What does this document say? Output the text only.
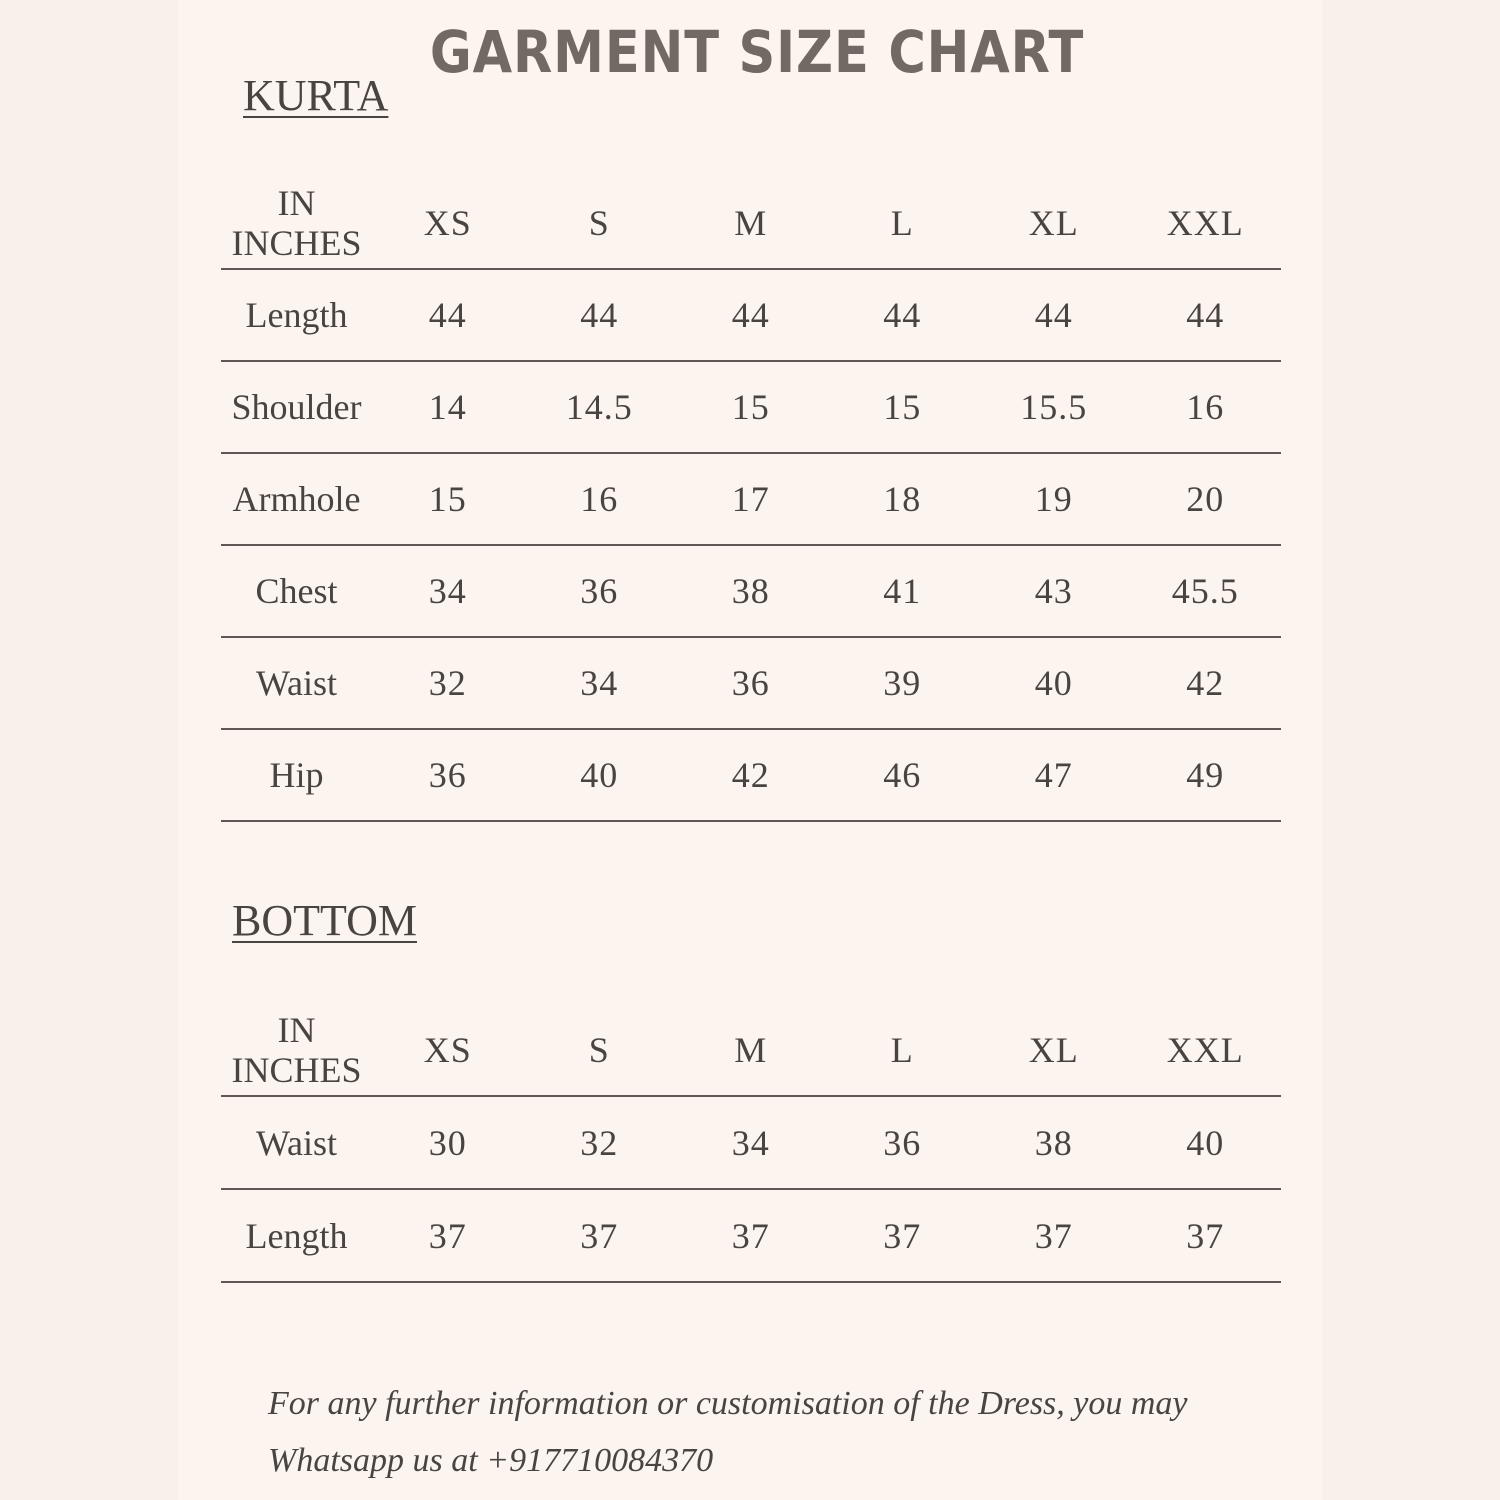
GARMENT SIZE CHART
KURTA
IN
INCHES	XS	S	M	L	XL	XXL
Length	44	44	44	44	44	44
Shoulder	14	14.5	15	15	15.5	16
Armhole	15	16	17	18	19	20
Chest	34	36	38	41	43	45.5
Waist	32	34	36	39	40	42
Hip	36	40	42	46	47	49
BOTTOM
IN
INCHES	XS	S	M	L	XL	XXL
Waist	30	32	34	36	38	40
Length	37	37	37	37	37	37
For any further information or customisation of the Dress, you may
Whatsapp us at +917710084370
